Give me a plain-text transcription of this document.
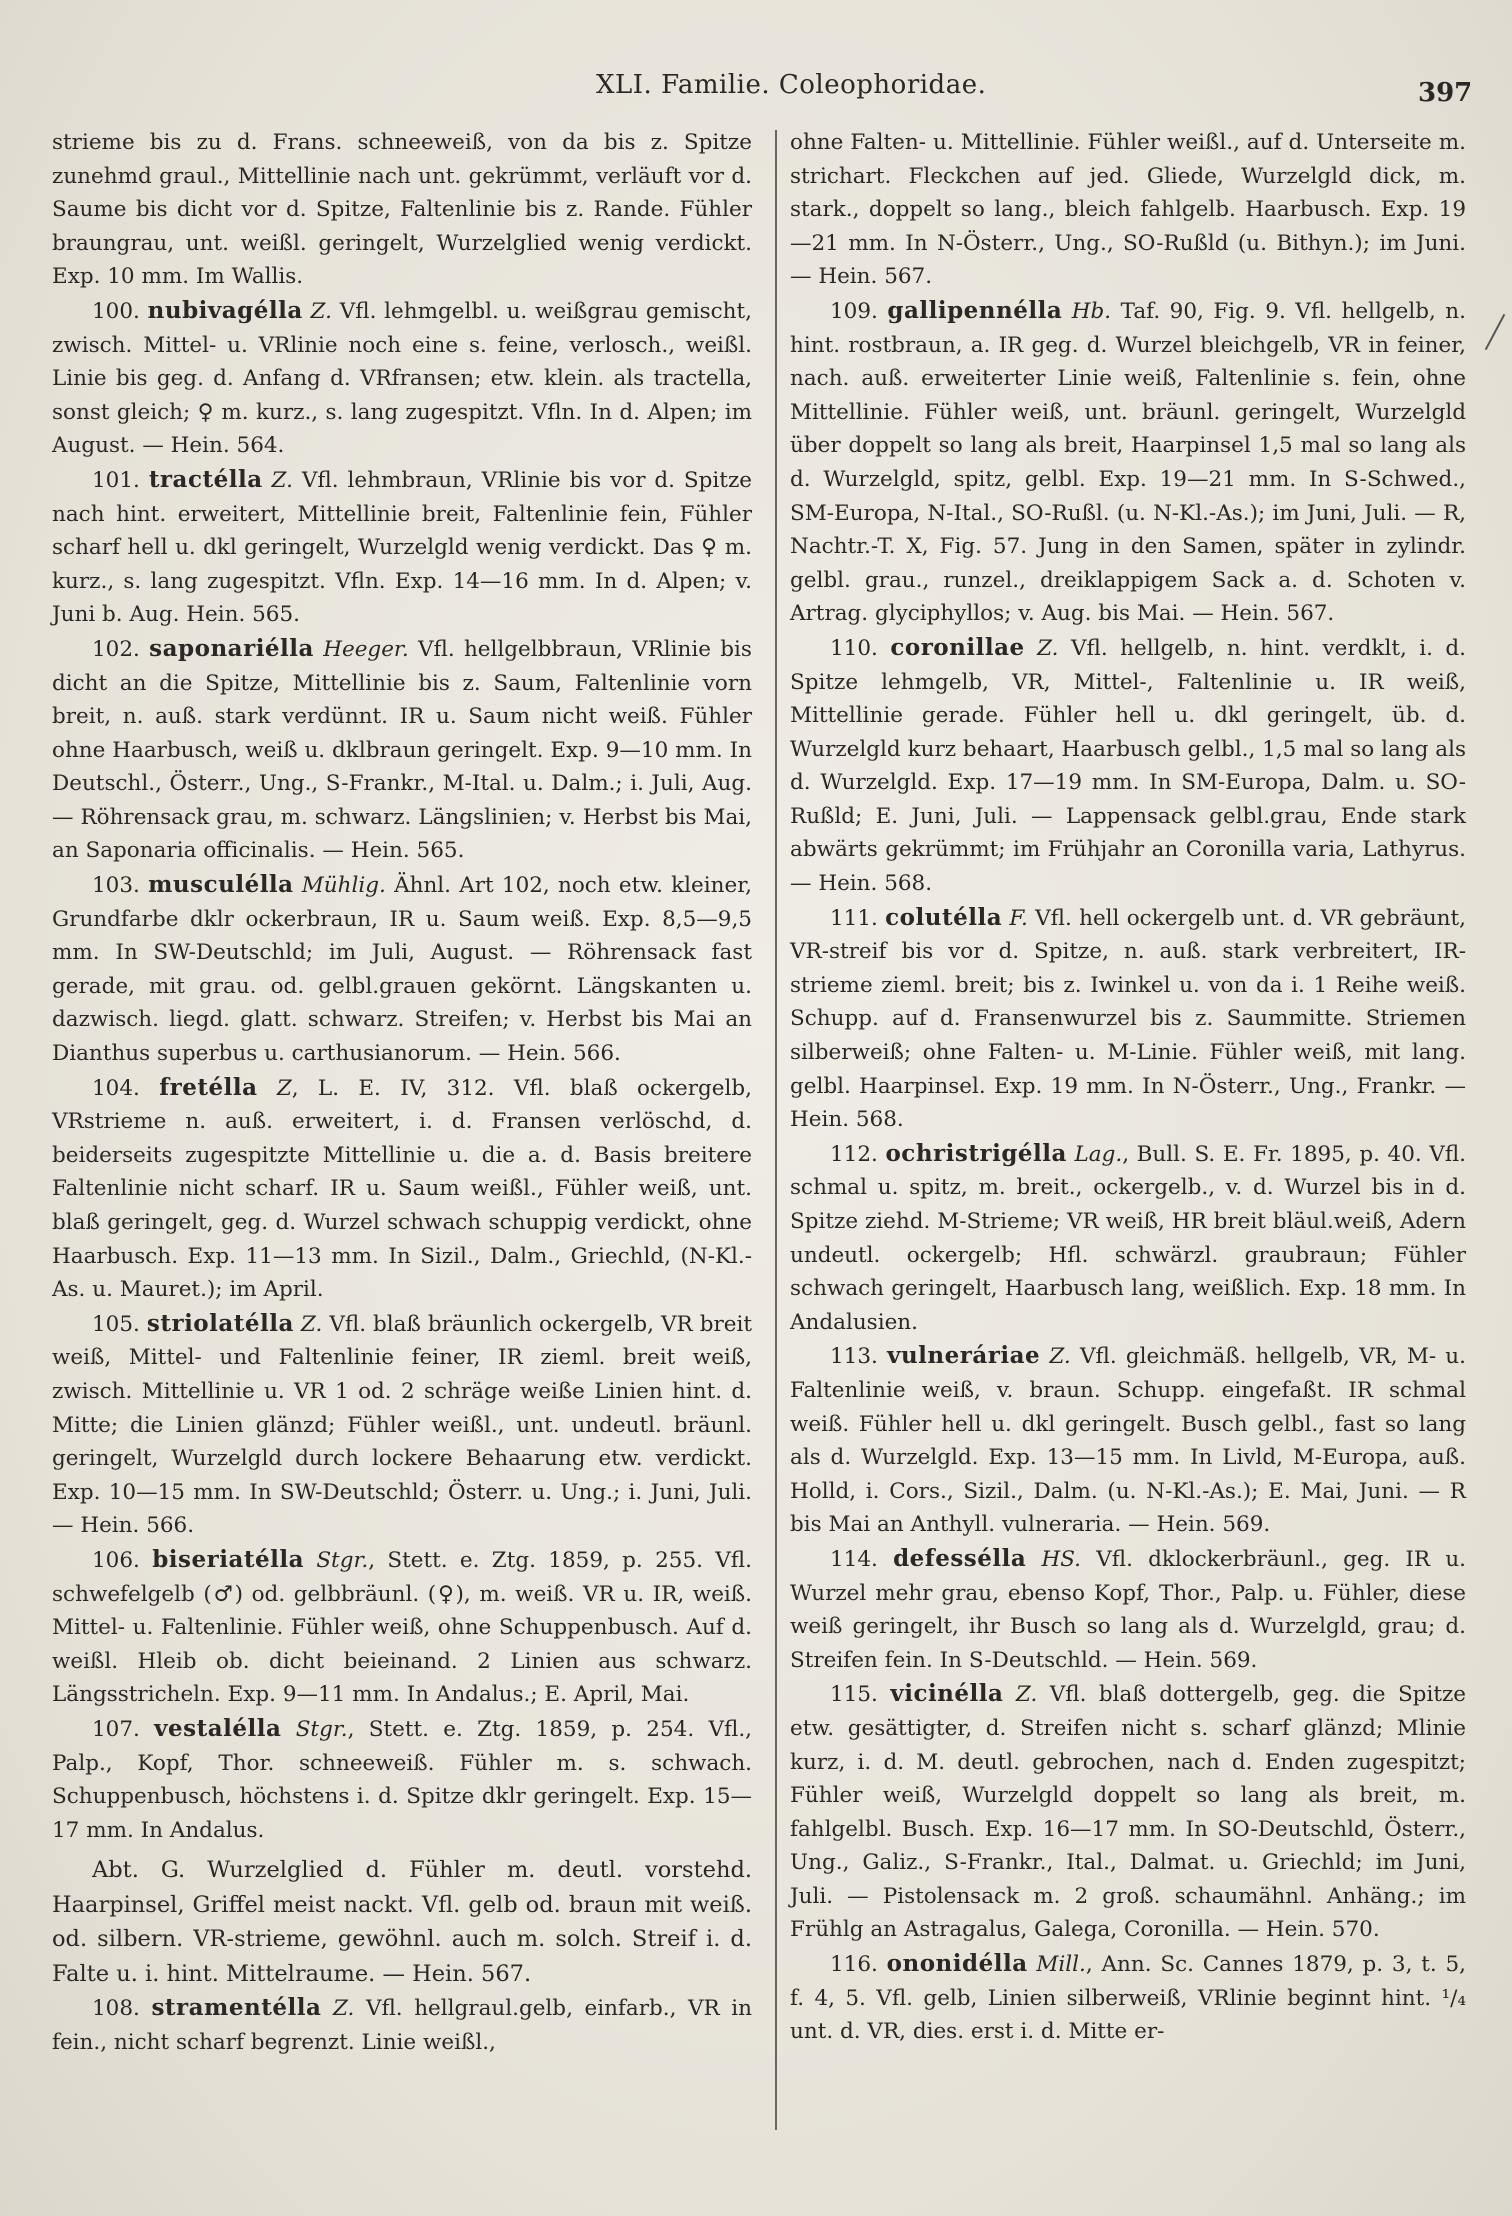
XLI. Familie. Coleophoridae.	397

strieme bis zu d. Frans. schneeweiß, von da bis z. Spitze zunehmd graul., Mittellinie nach unt. gekrümmt, verläuft vor d. Saume bis dicht vor d. Spitze, Faltenlinie bis z. Rande. Fühler braungrau, unt. weißl. geringelt, Wurzelglied wenig verdickt. Exp. 10 mm. Im Wallis.

100. nubivagélla Z. Vfl. lehmgelbl. u. weißgrau gemischt, zwisch. Mittel- u. VRlinie noch eine s. feine, verlosch., weißl. Linie bis geg. d. Anfang d. VRfransen; etw. klein. als tractella, sonst gleich; ♀ m. kurz., s. lang zugespitzt. Vfln. In d. Alpen; im August. — Hein. 564.

101. tractélla Z. Vfl. lehmbraun, VRlinie bis vor d. Spitze nach hint. erweitert, Mittellinie breit, Faltenlinie fein, Fühler scharf hell u. dkl geringelt, Wurzelgld wenig verdickt. Das ♀ m. kurz., s. lang zugespitzt. Vfln. Exp. 14—16 mm. In d. Alpen; v. Juni b. Aug. Hein. 565.

102. saponariélla Heeger. Vfl. hellgelbbraun, VRlinie bis dicht an die Spitze, Mittellinie bis z. Saum, Faltenlinie vorn breit, n. auß. stark verdünnt. IR u. Saum nicht weiß. Fühler ohne Haarbusch, weiß u. dklbraun geringelt. Exp. 9—10 mm. In Deutschl., Österr., Ung., S-Frankr., M-Ital. u. Dalm.; i. Juli, Aug. — Röhrensack grau, m. schwarz. Längslinien; v. Herbst bis Mai, an Saponaria officinalis. — Hein. 565.

103. musculélla Mühlig. Ähnl. Art 102, noch etw. kleiner, Grundfarbe dklr ockerbraun, IR u. Saum weiß. Exp. 8,5—9,5 mm. In SW-Deutschld; im Juli, August. — Röhrensack fast gerade, mit grau. od. gelbl.grauen gekörnt. Längskanten u. dazwisch. liegd. glatt. schwarz. Streifen; v. Herbst bis Mai an Dianthus superbus u. carthusianorum. — Hein. 566.

104. fretélla Z, L. E. IV, 312. Vfl. blaß ockergelb, VRstrieme n. auß. erweitert, i. d. Fransen verlöschd, d. beiderseits zugespitzte Mittellinie u. die a. d. Basis breitere Faltenlinie nicht scharf. IR u. Saum weißl., Fühler weiß, unt. blaß geringelt, geg. d. Wurzel schwach schuppig verdickt, ohne Haarbusch. Exp. 11—13 mm. In Sizil., Dalm., Griechld, (N-Kl.-As. u. Mauret.); im April.

105. striolatélla Z. Vfl. blaß bräunlich ockergelb, VR breit weiß, Mittel- und Faltenlinie feiner, IR zieml. breit weiß, zwisch. Mittellinie u. VR 1 od. 2 schräge weiße Linien hint. d. Mitte; die Linien glänzd; Fühler weißl., unt. undeutl. bräunl. geringelt, Wurzelgld durch lockere Behaarung etw. verdickt. Exp. 10—15 mm. In SW-Deutschld; Österr. u. Ung.; i. Juni, Juli. — Hein. 566.

106. biseriatélla Stgr., Stett. e. Ztg. 1859, p. 255. Vfl. schwefelgelb (♂) od. gelbbräunl. (♀), m. weiß. VR u. IR, weiß. Mittel- u. Faltenlinie. Fühler weiß, ohne Schuppenbusch. Auf d. weißl. Hleib ob. dicht beieinand. 2 Linien aus schwarz. Längsstricheln. Exp. 9—11 mm. In Andalus.; E. April, Mai.

107. vestalélla Stgr., Stett. e. Ztg. 1859, p. 254. Vfl., Palp., Kopf, Thor. schneeweiß. Fühler m. s. schwach. Schuppenbusch, höchstens i. d. Spitze dklr geringelt. Exp. 15—17 mm. In Andalus.

Abt. G. Wurzelglied d. Fühler m. deutl. vorstehd. Haarpinsel, Griffel meist nackt. Vfl. gelb od. braun mit weiß. od. silbern. VR-strieme, gewöhnl. auch m. solch. Streif i. d. Falte u. i. hint. Mittelraume. — Hein. 567.

108. stramentélla Z. Vfl. hellgraul.gelb, einfarb., VR in fein., nicht scharf begrenzt. Linie weißl.,

ohne Falten- u. Mittellinie. Fühler weißl., auf d. Unterseite m. strichart. Fleckchen auf jed. Gliede, Wurzelgld dick, m. stark., doppelt so lang., bleich fahlgelb. Haarbusch. Exp. 19—21 mm. In N-Österr., Ung., SO-Rußld (u. Bithyn.); im Juni. — Hein. 567.

109. gallipennélla Hb. Taf. 90, Fig. 9. Vfl. hellgelb, n. hint. rostbraun, a. IR geg. d. Wurzel bleichgelb, VR in feiner, nach. auß. erweiterter Linie weiß, Faltenlinie s. fein, ohne Mittellinie. Fühler weiß, unt. bräunl. geringelt, Wurzelgld über doppelt so lang als breit, Haarpinsel 1,5 mal so lang als d. Wurzelgld, spitz, gelbl. Exp. 19—21 mm. In S-Schwed., SM-Europa, N-Ital., SO-Rußl. (u. N-Kl.-As.); im Juni, Juli. — R, Nachtr.-T. X, Fig. 57. Jung in den Samen, später in zylindr. gelbl. grau., runzel., dreiklappigem Sack a. d. Schoten v. Artrag. glyciphyllos; v. Aug. bis Mai. — Hein. 567.

110. coronillae Z. Vfl. hellgelb, n. hint. verdklt, i. d. Spitze lehmgelb, VR, Mittel-, Faltenlinie u. IR weiß, Mittellinie gerade. Fühler hell u. dkl geringelt, üb. d. Wurzelgld kurz behaart, Haarbusch gelbl., 1,5 mal so lang als d. Wurzelgld. Exp. 17—19 mm. In SM-Europa, Dalm. u. SO-Rußld; E. Juni, Juli. — Lappensack gelbl.grau, Ende stark abwärts gekrümmt; im Frühjahr an Coronilla varia, Lathyrus. — Hein. 568.

111. colutélla F. Vfl. hell ockergelb unt. d. VR gebräunt, VR-streif bis vor d. Spitze, n. auß. stark verbreitert, IR-strieme zieml. breit; bis z. Iwinkel u. von da i. 1 Reihe weiß. Schupp. auf d. Fransenwurzel bis z. Saummitte. Striemen silberweiß; ohne Falten- u. M-Linie. Fühler weiß, mit lang. gelbl. Haarpinsel. Exp. 19 mm. In N-Österr., Ung., Frankr. — Hein. 568.

112. ochristrigélla Lag., Bull. S. E. Fr. 1895, p. 40. Vfl. schmal u. spitz, m. breit., ockergelb., v. d. Wurzel bis in d. Spitze ziehd. M-Strieme; VR weiß, HR breit bläul.weiß, Adern undeutl. ockergelb; Hfl. schwärzl. graubraun; Fühler schwach geringelt, Haarbusch lang, weißlich. Exp. 18 mm. In Andalusien.

113. vulneráriae Z. Vfl. gleichmäß. hellgelb, VR, M- u. Faltenlinie weiß, v. braun. Schupp. eingefaßt. IR schmal weiß. Fühler hell u. dkl geringelt. Busch gelbl., fast so lang als d. Wurzelgld. Exp. 13—15 mm. In Livld, M-Europa, auß. Holld, i. Cors., Sizil., Dalm. (u. N-Kl.-As.); E. Mai, Juni. — R bis Mai an Anthyll. vulneraria. — Hein. 569.

114. defessélla HS. Vfl. dklockerbräunl., geg. IR u. Wurzel mehr grau, ebenso Kopf, Thor., Palp. u. Fühler, diese weiß geringelt, ihr Busch so lang als d. Wurzelgld, grau; d. Streifen fein. In S-Deutschld. — Hein. 569.

115. vicinélla Z. Vfl. blaß dottergelb, geg. die Spitze etw. gesättigter, d. Streifen nicht s. scharf glänzd; Mlinie kurz, i. d. M. deutl. gebrochen, nach d. Enden zugespitzt; Fühler weiß, Wurzelgld doppelt so lang als breit, m. fahlgelbl. Busch. Exp. 16—17 mm. In SO-Deutschld, Österr., Ung., Galiz., S-Frankr., Ital., Dalmat. u. Griechld; im Juni, Juli. — Pistolensack m. 2 groß. schaumähnl. Anhäng.; im Frühlg an Astragalus, Galega, Coronilla. — Hein. 570.

116. ononidélla Mill., Ann. Sc. Cannes 1879, p. 3, t. 5, f. 4, 5. Vfl. gelb, Linien silberweiß, VRlinie beginnt hint. ¹/₄ unt. d. VR, dies. erst i. d. Mitte er-
